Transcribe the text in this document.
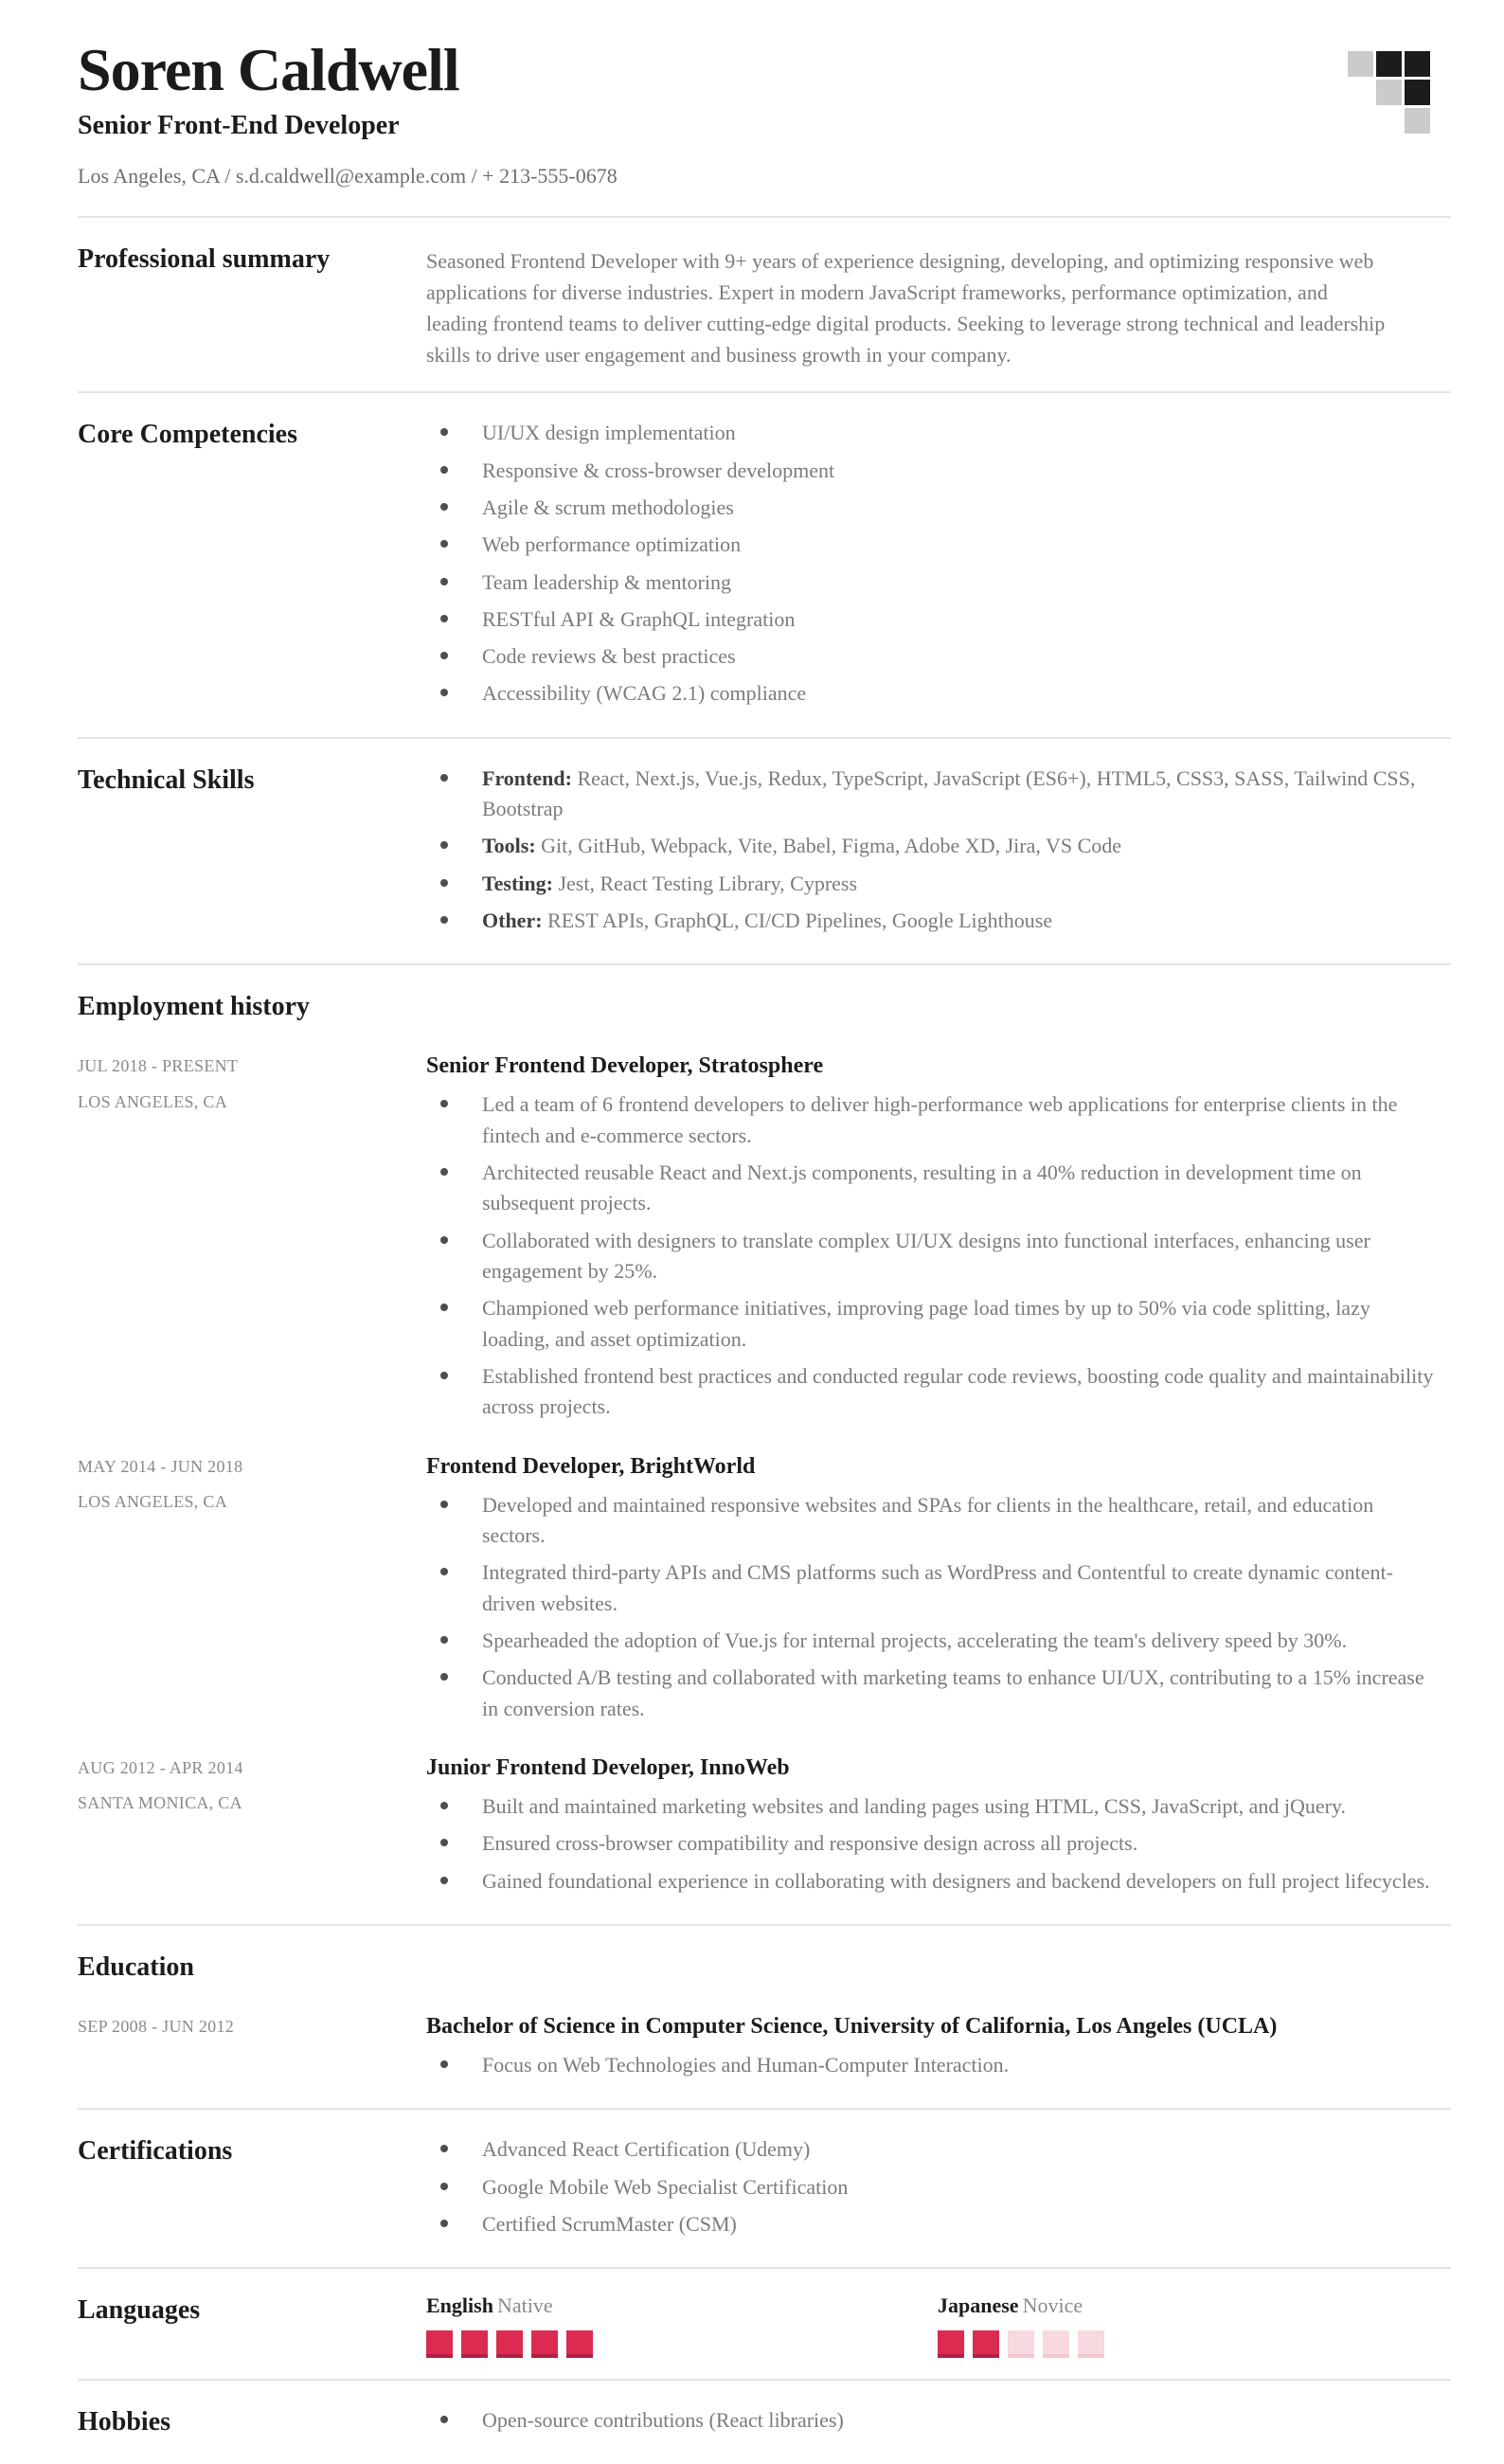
Soren Caldwell
Senior Front-End Developer
Los Angeles, CA / s.d.caldwell@example.com / + 213-555-0678
Professional summary	Seasoned Frontend Developer with 9+ years of experience designing, developing, and optimizing responsive web applications for diverse industries. Expert in modern JavaScript frameworks, performance optimization, and leading frontend teams to deliver cutting-edge digital products. Seeking to leverage strong technical and leadership skills to drive user engagement and business growth in your company.

Core Competencies	UI/UX design implementation
Responsive & cross-browser development
Agile & scrum methodologies
Web performance optimization
Team leadership & mentoring
RESTful API & GraphQL integration
Code reviews & best practices
Accessibility (WCAG 2.1) compliance
Technical Skills	Frontend: React, Next.js, Vue.js, Redux, TypeScript, JavaScript (ES6+), HTML5, CSS3, SASS, Tailwind CSS, Bootstrap
Tools: Git, GitHub, Webpack, Vite, Babel, Figma, Adobe XD, Jira, VS Code
Testing: Jest, React Testing Library, Cypress
Other: REST APIs, GraphQL, CI/CD Pipelines, Google Lighthouse
Employment history
JUL 2018 - PRESENT
LOS ANGELES, CA
Senior Frontend Developer, Stratosphere
Led a team of 6 frontend developers to deliver high-performance web applications for enterprise clients in the fintech and e-commerce sectors.
Architected reusable React and Next.js components, resulting in a 40% reduction in development time on subsequent projects.
Collaborated with designers to translate complex UI/UX designs into functional interfaces, enhancing user engagement by 25%.
Championed web performance initiatives, improving page load times by up to 50% via code splitting, lazy loading, and asset optimization.
Established frontend best practices and conducted regular code reviews, boosting code quality and maintainability across projects.
MAY 2014 - JUN 2018
LOS ANGELES, CA
Frontend Developer, BrightWorld
Developed and maintained responsive websites and SPAs for clients in the healthcare, retail, and education sectors.
Integrated third-party APIs and CMS platforms such as WordPress and Contentful to create dynamic content-driven websites.
Spearheaded the adoption of Vue.js for internal projects, accelerating the team's delivery speed by 30%.
Conducted A/B testing and collaborated with marketing teams to enhance UI/UX, contributing to a 15% increase in conversion rates.
AUG 2012 - APR 2014
SANTA MONICA, CA
Junior Frontend Developer, InnoWeb
Built and maintained marketing websites and landing pages using HTML, CSS, JavaScript, and jQuery.
Ensured cross-browser compatibility and responsive design across all projects.
Gained foundational experience in collaborating with designers and backend developers on full project lifecycles.
Education
SEP 2008 - JUN 2012	Bachelor of Science in Computer Science, University of California, Los Angeles (UCLA)
Focus on Web Technologies and Human-Computer Interaction.
Certifications	Advanced React Certification (Udemy)
Google Mobile Web Specialist Certification
Certified ScrumMaster (CSM)
Languages	English Native	Japanese Novice
Hobbies	Open-source contributions (React libraries)
